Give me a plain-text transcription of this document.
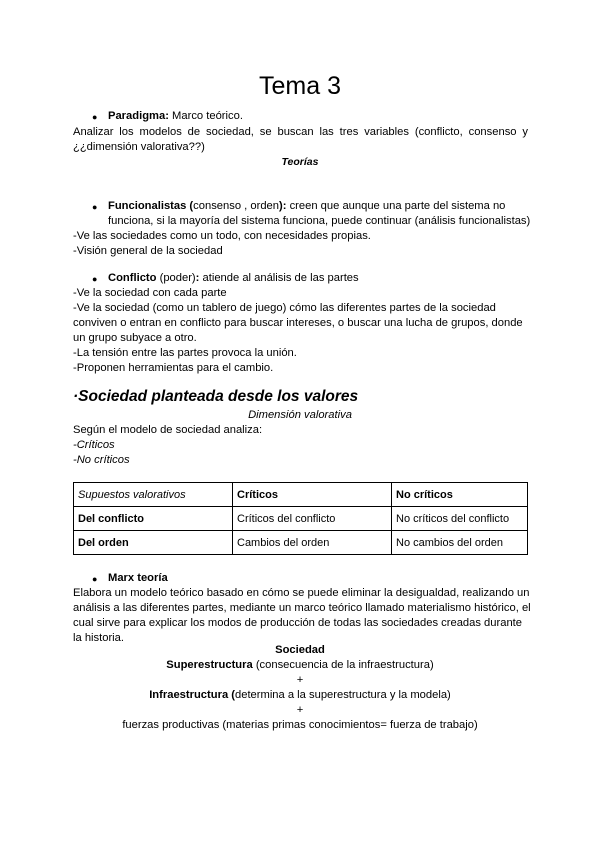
Tema 3
● Paradigma: Marco teórico.
Analizar los modelos de sociedad, se buscan las tres variables (conflicto, consenso y
¿¿dimensión valorativa??)
Teorías
● Funcionalistas (consenso , orden): creen que aunque una parte del sistema no
funciona, si la mayoría del sistema funciona, puede continuar (análisis funcionalistas)
-Ve las sociedades como un todo, con necesidades propias.
-Visión general de la sociedad
● Conflicto (poder): atiende al análisis de las partes
-Ve la sociedad con cada parte
-Ve la sociedad (como un tablero de juego) cómo las diferentes partes de la sociedad
conviven o entran en conflicto para buscar intereses, o buscar una lucha de grupos, donde
un grupo subyace a otro.
-La tensión entre las partes provoca la unión.
-Proponen herramientas para el cambio.
·Sociedad planteada desde los valores
Dimensión valorativa
Según el modelo de sociedad analiza:
-Críticos
-No críticos
Supuestos valorativos	Críticos	No críticos
Del conflicto	Críticos del conflicto	No críticos del conflicto
Del orden	Cambios del orden	No cambios del orden
● Marx teoría
Elabora un modelo teórico basado en cómo se puede eliminar la desigualdad, realizando un
análisis a las diferentes partes, mediante un marco teórico llamado materialismo histórico, el
cual sirve para explicar los modos de producción de todas las sociedades creadas durante
la historia.
Sociedad
Superestructura (consecuencia de la infraestructura)
+
Infraestructura (determina a la superestructura y la modela)
+
fuerzas productivas (materias primas conocimientos= fuerza de trabajo)
